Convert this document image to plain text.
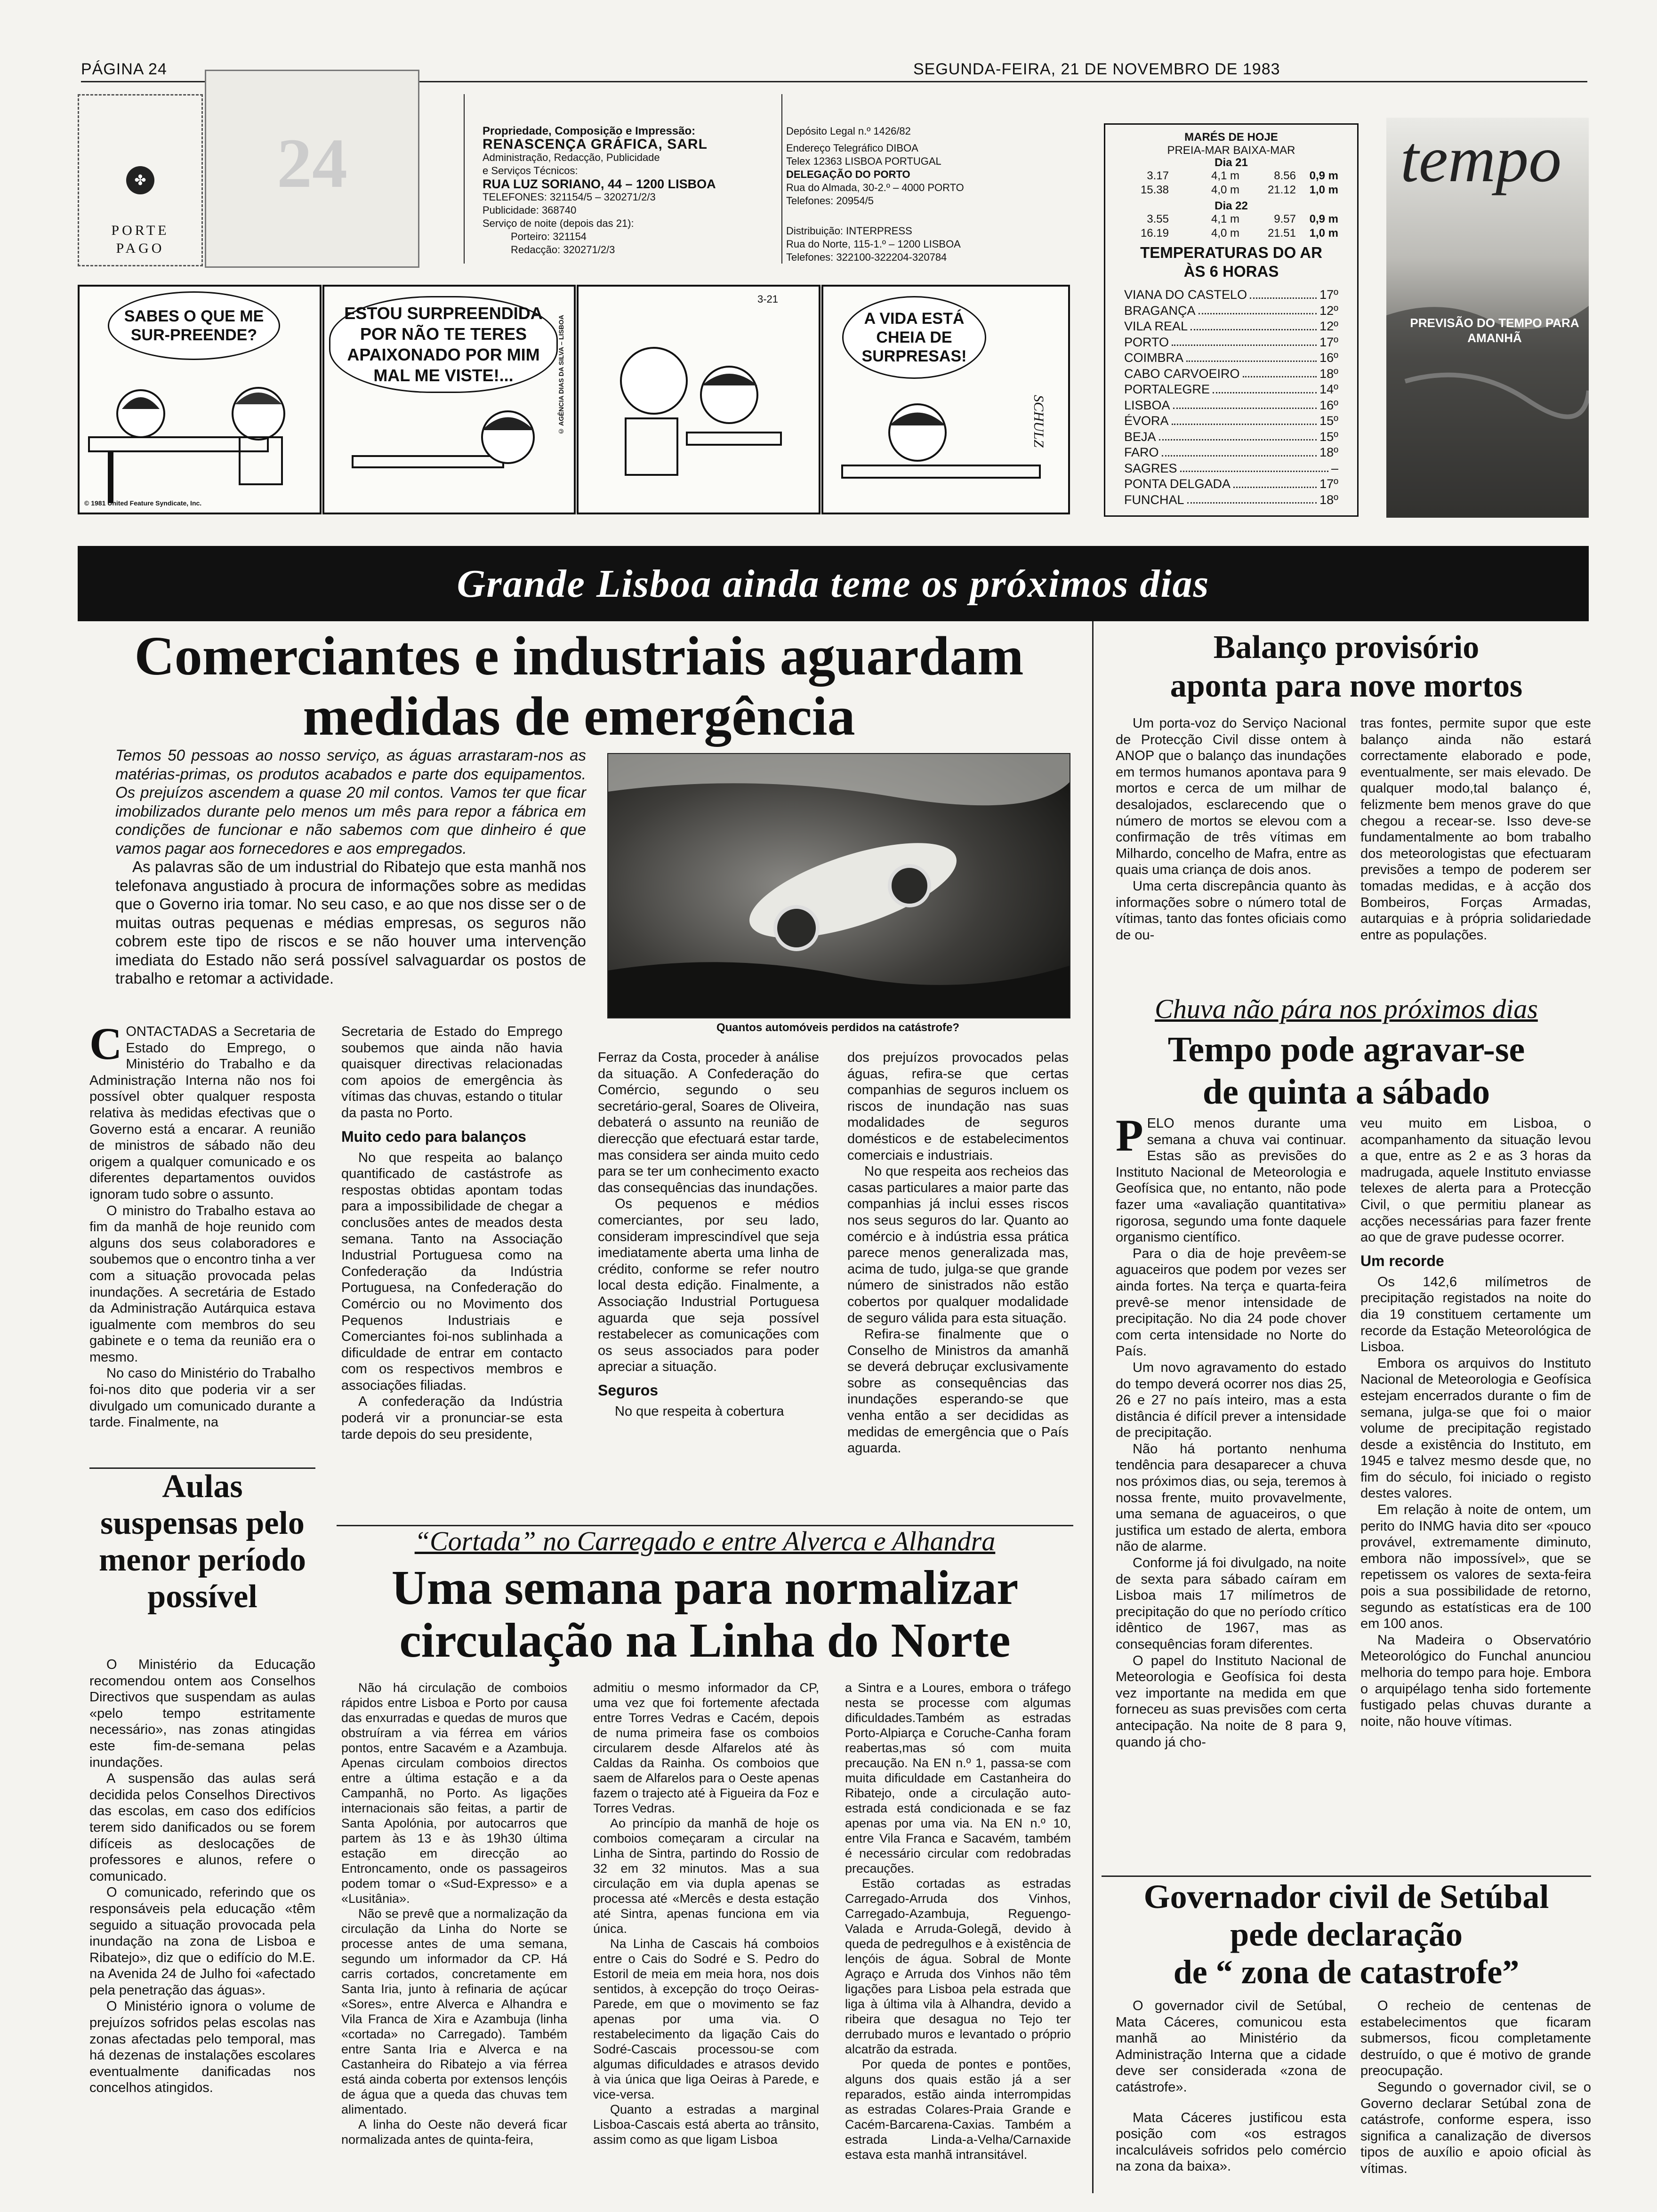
PÁGINA 24	SEGUNDA-FEIRA, 21 DE NOVEMBRO DE 1983
✤
PORTE
PAGO
24	Propriedade, Composição e Impressão:
RENASCENÇA GRÁFICA, SARL
Administração, Redacção, Publicidade
e Serviços Técnicos:
RUA LUZ SORIANO, 44 – 1200 LISBOA
TELEFONES: 321154/5 – 320271/2/3
Publicidade: 368740
Serviço de noite (depois das 21):
Porteiro: 321154
Redacção: 320271/2/3
Depósito Legal n.º 1426/82
Endereço Telegráfico DIBOA
Telex 12363 LISBOA PORTUGAL
DELEGAÇÃO DO PORTO
Rua do Almada, 30-2.º – 4000 PORTO
Telefones: 20954/5
Distribuição: INTERPRESS
Rua do Norte, 115-1.º – 1200 LISBOA
Telefones: 322100-322204-320784
SABES O QUE ME SUR-PREENDE?
© 1981 United Feature Syndicate, Inc.
ESTOU SURPREENDIDA POR NÃO TE TERES APAIXONADO POR MIM MAL ME VISTE!...	© AGÊNCIA DIAS DA SILVA – LISBOA
3-21
A VIDA ESTÁ CHEIA DE SURPRESAS!
SCHULZ
MARÉS DE HOJE
PREIA-MAR BAIXA-MAR
Dia 21
3.17	4,1 m	8.56	0,9 m
15.38	4,0 m	21.12	1,0 m
Dia 22
3.55	4,1 m	9.57	0,9 m
16.19	4,0 m	21.51	1,0 m
TEMPERATURAS DO AR
ÀS 6 HORAS
VIANA DO CASTELO	17º
BRAGANÇA	12º
VILA REAL	12º
PORTO	17º
COIMBRA	16º
CABO CARVOEIRO	18º
PORTALEGRE	14º
LISBOA	16º
ÉVORA	15º
BEJA	15º
FARO	18º
SAGRES	–
PONTA DELGADA	17º
FUNCHAL	18º
tempo
PREVISÃO DO TEMPO PARA AMANHÃ
Grande Lisboa ainda teme os próximos dias
Comerciantes e industriais aguardam
medidas de emergência

Temos 50 pessoas ao nosso serviço, as águas arrastaram-nos as matérias-primas, os produtos acabados e parte dos equipamentos. Os prejuízos ascendem a quase 20 mil contos. Vamos ter que ficar imobilizados durante pelo menos um mês para repor a fábrica em condições de funcionar e não sabemos com que dinheiro é que vamos pagar aos fornecedores e aos empregados.

As palavras são de um industrial do Ribatejo que esta manhã nos telefonava angustiado à procura de informações sobre as medidas que o Governo iria tomar. No seu caso, e ao que nos disse ser o de muitas outras pequenas e médias empresas, os seguros não cobrem este tipo de riscos e se não houver uma intervenção imediata do Estado não será possível salvaguardar os postos de trabalho e retomar a actividade.

Quantos automóveis perdidos na catástrofe?
C ONTACTADAS a Secretaria de Estado do Emprego, o Ministério do Trabalho e da Administração Interna não nos foi possível obter qualquer resposta relativa às medidas efectivas que o Governo está a encarar. A reunião de ministros de sábado não deu origem a qualquer comunicado e os diferentes departamentos ouvidos ignoram tudo sobre o assunto.

O ministro do Trabalho estava ao fim da manhã de hoje reunido com alguns dos seus colaboradores e soubemos que o encontro tinha a ver com a situação provocada pelas inundações. A secretária de Estado da Administração Autárquica estava igualmente com membros do seu gabinete e o tema da reunião era o mesmo.

No caso do Ministério do Trabalho foi-nos dito que poderia vir a ser divulgado um comunicado durante a tarde. Finalmente, na

Secretaria de Estado do Emprego soubemos que ainda não havia quaisquer directivas relacionadas com apoios de emergência às vítimas das chuvas, estando o titular da pasta no Porto.

Muito cedo para balanços

No que respeita ao balanço quantificado de castástrofe as respostas obtidas apontam todas para a impossibilidade de chegar a conclusões antes de meados desta semana. Tanto na Associação Industrial Portuguesa como na Confederação da Indústria Portuguesa, na Confederação do Comércio ou no Movimento dos Pequenos Industriais e Comerciantes foi-nos sublinhada a dificuldade de entrar em contacto com os respectivos membros e associações filiadas.

A confederação da Indústria poderá vir a pronunciar-se esta tarde depois do seu presidente,

Ferraz da Costa, proceder à análise da situação. A Confederação do Comércio, segundo o seu secretário-geral, Soares de Oliveira, debaterá o assunto na reunião de dierecção que efectuará estar tarde, mas considera ser ainda muito cedo para se ter um conhecimento exacto das consequências das inundações.

Os pequenos e médios comerciantes, por seu lado, consideram imprescindível que seja imediatamente aberta uma linha de crédito, conforme se refer noutro local desta edição. Finalmente, a Associação Industrial Portuguesa aguarda que seja possível restabelecer as comunicações com os seus associados para poder apreciar a situação.

Seguros

No que respeita à cobertura

dos prejuízos provocados pelas águas, refira-se que certas companhias de seguros incluem os riscos de inundação nas suas modalidades de seguros domésticos e de estabelecimentos comerciais e industriais.

No que respeita aos recheios das casas particulares a maior parte das companhias já inclui esses riscos nos seus seguros do lar. Quanto ao comércio e à indústria essa prática parece menos generalizada mas, acima de tudo, julga-se que grande número de sinistrados não estão cobertos por qualquer modalidade de seguro válida para esta situação.

Refira-se finalmente que o Conselho de Ministros da amanhã se deverá debruçar exclusivamente sobre as consequências das inundações esperando-se que venha então a ser decididas as medidas de emergência que o País aguarda.

Aulas suspensas pelo menor período possível

O Ministério da Educação recomendou ontem aos Conselhos Directivos que suspendam as aulas «pelo tempo estritamente necessário», nas zonas atingidas este fim-de-semana pelas inundações.

A suspensão das aulas será decidida pelos Conselhos Directivos das escolas, em caso dos edifícios terem sido danificados ou se forem difíceis as deslocações de professores e alunos, refere o comunicado.

O comunicado, referindo que os responsáveis pela educação «têm seguido a situação provocada pela inundação na zona de Lisboa e Ribatejo», diz que o edifício do M.E. na Avenida 24 de Julho foi «afectado pela penetração das águas».

O Ministério ignora o volume de prejuízos sofridos pelas escolas nas zonas afectadas pelo temporal, mas há dezenas de instalações escolares eventualmente danificadas nos concelhos atingidos.

“Cortada” no Carregado e entre Alverca e Alhandra
Uma semana para normalizar
circulação na Linha do Norte

Não há circulação de comboios rápidos entre Lisboa e Porto por causa das enxurradas e quedas de muros que obstruíram a via férrea em vários pontos, entre Sacavém e a Azambuja. Apenas circulam comboios directos entre a última estação e a da Campanhã, no Porto. As ligações internacionais são feitas, a partir de Santa Apolónia, por autocarros que partem às 13 e às 19h30 última estação em direcção ao Entroncamento, onde os passageiros podem tomar o «Sud-Expresso» e a «Lusitânia».

Não se prevê que a normalização da circulação da Linha do Norte se processe antes de uma semana, segundo um informador da CP. Há carris cortados, concretamente em Santa Iria, junto à refinaria de açúcar «Sores», entre Alverca e Alhandra e Vila Franca de Xira e Azambuja (linha «cortada» no Carregado). Também entre Santa Iria e Alverca e na Castanheira do Ribatejo a via férrea está ainda coberta por extensos lençóis de água que a queda das chuvas tem alimentado.

A linha do Oeste não deverá ficar normalizada antes de quinta-feira,

admitiu o mesmo informador da CP, uma vez que foi fortemente afectada entre Torres Vedras e Cacém, depois de numa primeira fase os comboios circularem desde Alfarelos até às Caldas da Rainha. Os comboios que saem de Alfarelos para o Oeste apenas fazem o trajecto até à Figueira da Foz e Torres Vedras.

Ao princípio da manhã de hoje os comboios começaram a circular na Linha de Sintra, partindo do Rossio de 32 em 32 minutos. Mas a sua circulação em via dupla apenas se processa até «Mercês e desta estação até Sintra, apenas funciona em via única.

Na Linha de Cascais há comboios entre o Cais do Sodré e S. Pedro do Estoril de meia em meia hora, nos dois sentidos, à excepção do troço Oeiras-Parede, em que o movimento se faz apenas por uma via. O restabelecimento da ligação Cais do Sodré-Cascais processou-se com algumas dificuldades e atrasos devido à via única que liga Oeiras à Parede, e vice-versa.

Quanto a estradas a marginal Lisboa-Cascais está aberta ao trânsito, assim como as que ligam Lisboa

a Sintra e a Loures, embora o tráfego nesta se processe com algumas dificuldades.Também as estradas Porto-Alpiarça e Coruche-Canha foram reabertas,mas só com muita precaução. Na EN n.º 1, passa-se com muita dificuldade em Castanheira do Ribatejo, onde a circulação auto-estrada está condicionada e se faz apenas por uma via. Na EN n.º 10, entre Vila Franca e Sacavém, também é necessário circular com redobradas precauções.

Estão cortadas as estradas Carregado-Arruda dos Vinhos, Carregado-Azambuja, Reguengo-Valada e Arruda-Golegã, devido à queda de pedregulhos e à existência de lençóis de água. Sobral de Monte Agraço e Arruda dos Vinhos não têm ligações para Lisboa pela estrada que liga à última vila à Alhandra, devido a ribeira que desagua no Tejo ter derrubado muros e levantado o próprio alcatrão da estrada.

Por queda de pontes e pontões, alguns dos quais estão já a ser reparados, estão ainda interrompidas as estradas Colares-Praia Grande e Cacém-Barcarena-Caxias. Também a estrada Linda-a-Velha/Carnaxide estava esta manhã intransitável.

Balanço provisório
aponta para nove mortos

Um porta-voz do Serviço Nacional de Protecção Civil disse ontem à ANOP que o balanço das inundações em termos humanos apontava para 9 mortos e cerca de um milhar de desalojados, esclarecendo que o número de mortos se elevou com a confirmação de três vítimas em Milhardo, concelho de Mafra, entre as quais uma criança de dois anos.

Uma certa discrepância quanto às informações sobre o número total de vítimas, tanto das fontes oficiais como de ou-

tras fontes, permite supor que este balanço ainda não estará correctamente elaborado e pode, eventualmente, ser mais elevado. De qualquer modo,tal balanço é, felizmente bem menos grave do que chegou a recear-se. Isso deve-se fundamentalmente ao bom trabalho dos meteorologistas que efectuaram previsões a tempo de poderem ser tomadas medidas, e à acção dos Bombeiros, Forças Armadas, autarquias e à própria solidariedade entre as populações.

Chuva não pára nos próximos dias
Tempo pode agravar-se
de quinta a sábado
P ELO menos durante uma semana a chuva vai continuar. Estas são as previsões do Instituto Nacional de Meteorologia e Geofísica que, no entanto, não pode fazer uma «avaliação quantitativa» rigorosa, segundo uma fonte daquele organismo científico.

Para o dia de hoje prevêem-se aguaceiros que podem por vezes ser ainda fortes. Na terça e quarta-feira prevê-se menor intensidade de precipitação. No dia 24 pode chover com certa intensidade no Norte do País.

Um novo agravamento do estado do tempo deverá ocorrer nos dias 25, 26 e 27 no país inteiro, mas a esta distância é difícil prever a intensidade de precipitação.

Não há portanto nenhuma tendência para desaparecer a chuva nos próximos dias, ou seja, teremos à nossa frente, muito provavelmente, uma semana de aguaceiros, o que justifica um estado de alerta, embora não de alarme.

Conforme já foi divulgado, na noite de sexta para sábado caíram em Lisboa mais 17 milímetros de precipitação do que no período crítico idêntico de 1967, mas as consequências foram diferentes.

O papel do Instituto Nacional de Meteorologia e Geofísica foi desta vez importante na medida em que forneceu as suas previsões com certa antecipação. Na noite de 8 para 9, quando já cho-

veu muito em Lisboa, o acompanhamento da situação levou a que, entre as 2 e as 3 horas da madrugada, aquele Instituto enviasse telexes de alerta para a Protecção Civil, o que permitiu planear as acções necessárias para fazer frente ao que de grave pudesse ocorrer.

Um recorde

Os 142,6 milímetros de precipitação registados na noite do dia 19 constituem certamente um recorde da Estação Meteorológica de Lisboa.

Embora os arquivos do Instituto Nacional de Meteorologia e Geofísica estejam encerrados durante o fim de semana, julga-se que foi o maior volume de precipitação registado desde a existência do Instituto, em 1945 e talvez mesmo desde que, no fim do século, foi iniciado o registo destes valores.

Em relação à noite de ontem, um perito do INMG havia dito ser «pouco provável, extremamente diminuto, embora não impossível», que se repetissem os valores de sexta-feira pois a sua possibilidade de retorno, segundo as estatísticas era de 100 em 100 anos.

Na Madeira o Observatório Meteorológico do Funchal anunciou melhoria do tempo para hoje. Embora o arquipélago tenha sido fortemente fustigado pelas chuvas durante a noite, não houve vítimas.

Governador civil de Setúbal
pede declaração
de “ zona de catastrofe”

O governador civil de Setúbal, Mata Cáceres, comunicou esta manhã ao Ministério da Administração Interna que a cidade deve ser considerada «zona de catástrofe».

Mata Cáceres justificou esta posição com «os estragos incalculáveis sofridos pelo comércio na zona da baixa».

O recheio de centenas de estabelecimentos que ficaram submersos, ficou completamente destruído, o que é motivo de grande preocupação.

Segundo o governador civil, se o Governo declarar Setúbal zona de catástrofe, conforme espera, isso significa a canalização de diversos tipos de auxílio e apoio oficial às vítimas.
